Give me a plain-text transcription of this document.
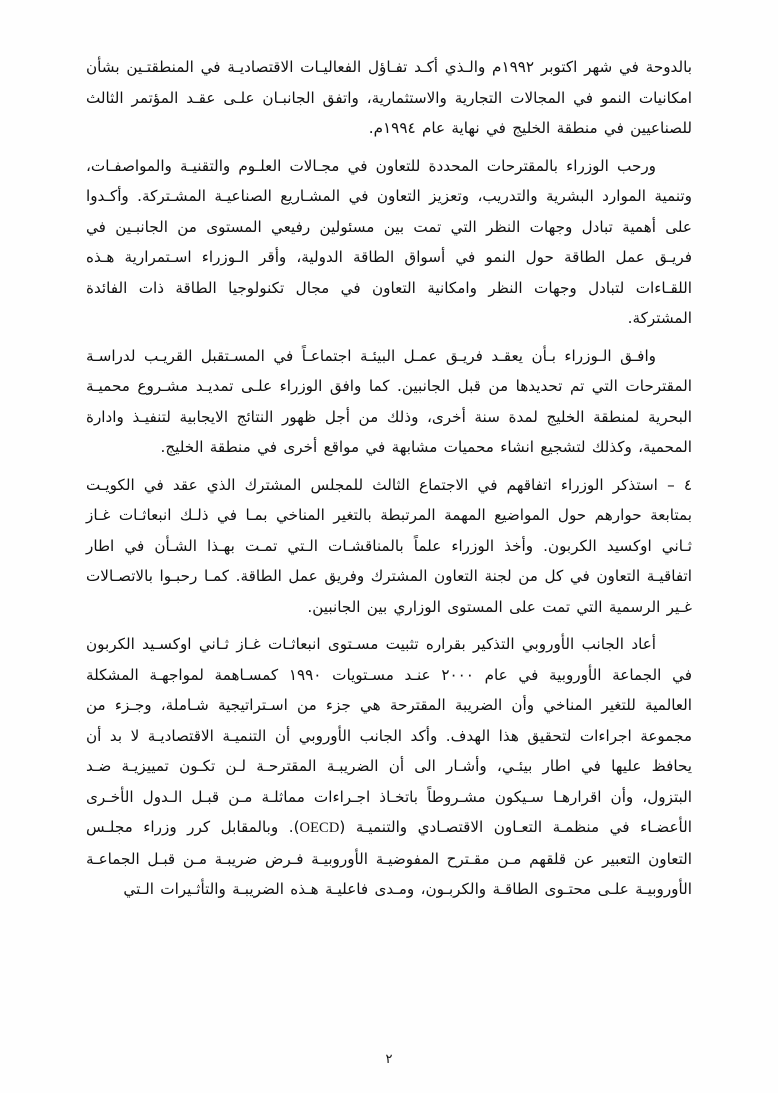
بالدوحة في شهر اكتوبر ١٩٩٢م والـذي أكـد تفـاؤل الفعاليـات الاقتصاديـة في المنطقتـين بشأن امكانيات النمو في المجالات التجارية والاستثمارية، واتفق الجانبـان علـى عقـد المؤتمر الثالث للصناعيين في منطقة الخليج في نهاية عام ١٩٩٤م.

ورحب الوزراء بالمقترحات المحددة للتعاون في مجـالات العلـوم والتقنيـة والمواصفـات، وتنمية الموارد البشرية والتدريب، وتعزيز التعاون في المشـاريع الصناعيـة المشـتركة. وأكـدوا على أهمية تبادل وجهات النظر التي تمت بين مسئولين رفيعي المستوى من الجانبـين في فريـق عمل الطاقة حول النمو في أسواق الطاقة الدولية، وأقر الـوزراء اسـتمرارية هـذه اللقـاءات لتبادل وجهات النظر وامكانية التعاون في مجال تكنولوجيا الطاقة ذات الفائدة المشتركة.

وافـق الـوزراء بـأن يعقـد فريـق عمـل البيئـة اجتماعـاً في المسـتقبل القريـب لدراسـة المقترحات التي تم تحديدها من قبل الجانبين. كما وافق الوزراء علـى تمديـد مشـروع محميـة البحرية لمنطقة الخليج لمدة سنة أخرى، وذلك من أجل ظهور النتائج الايجابية لتنفيـذ وادارة المحمية، وكذلك لتشجيع انشاء محميات مشابهة في مواقع أخرى في منطقة الخليج.

٤ – استذكر الوزراء اتفاقهم في الاجتماع الثالث للمجلس المشترك الذي عقد في الكويـت بمتابعة حوارهم حول المواضيع المهمة المرتبطة بالتغير المناخي بمـا في ذلـك انبعاثـات غـاز ثـاني اوكسيد الكربون. وأخذ الوزراء علماً بالمناقشـات الـتي تمـت بهـذا الشـأن في اطار اتفاقيـة التعاون في كل من لجنة التعاون المشترك وفريق عمل الطاقة. كمـا رحبـوا بالاتصـالات غـير الرسمية التي تمت على المستوى الوزاري بين الجانبين.

أعاد الجانب الأوروبي التذكير بقراره تثبيت مسـتوى انبعاثـات غـاز ثـاني اوكسـيد الكربون في الجماعة الأوروبية في عام ٢٠٠٠ عنـد مسـتويات ١٩٩٠ كمسـاهمة لمواجهـة المشكلة العالمية للتغير المناخي وأن الضريبة المقترحة هي جزء من اسـتراتيجية شـاملة، وجـزء من مجموعة اجراءات لتحقيق هذا الهدف. وأكد الجانب الأوروبي أن التنميـة الاقتصاديـة لا بد أن يحافظ عليها في اطار بيئـي، وأشـار الى أن الضريبـة المقترحـة لـن تكـون تمييزيـة ضـد البتزول، وأن اقرارهـا سـيكون مشـروطاً باتخـاذ اجـراءات مماثلـة مـن قبـل الـدول الأخـرى الأعضـاء في منظمـة التعـاون الاقتصـادي والتنميـة (OECD). وبالمقابل كرر وزراء مجلـس التعاون التعبير عن قلقهم مـن مقـترح المفوضيـة الأوروبيـة فـرض ضريبـة مـن قبـل الجماعـة الأوروبيـة علـى محتـوى الطاقـة والكربـون، ومـدى فاعليـة هـذه الضريبـة والتأثـيرات الـتي

٢
